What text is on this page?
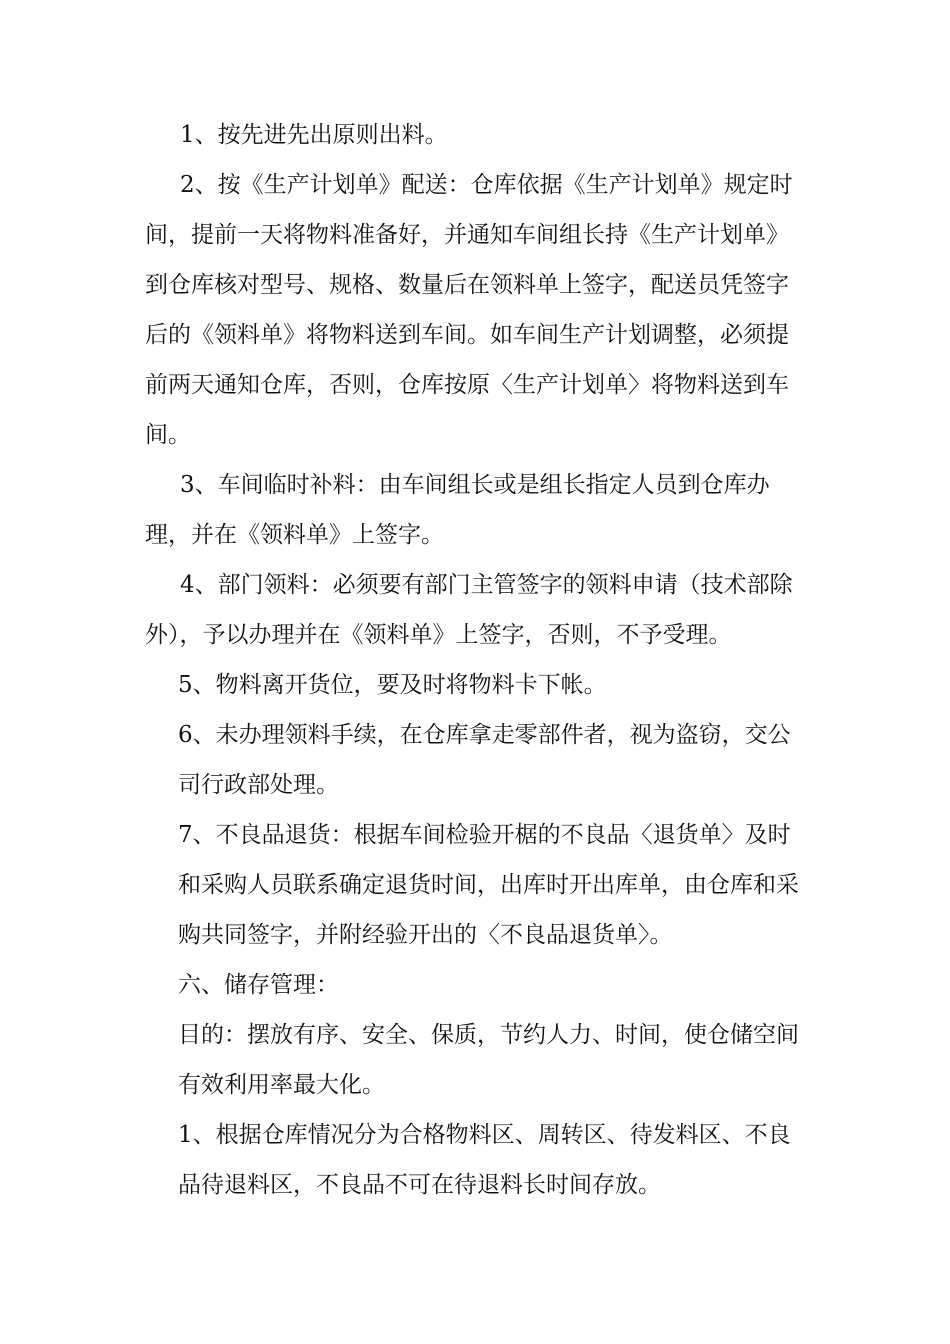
1、按先进先出原则出料。
2、按《生产计划单》配送：仓库依据《生产计划单》规定时间，提前一天将物料准备好，并通知车间组长持《生产计划单》到仓库核对型号、规格、数量后在领料单上签字，配送员凭签字后的《领料单》将物料送到车间。如车间生产计划调整，必须提前两天通知仓库，否则，仓库按原〈生产计划单〉将物料送到车间。
3、车间临时补料：由车间组长或是组长指定人员到仓库办理，并在《领料单》上签字。
4、部门领料：必须要有部门主管签字的领料申请（技术部除外），予以办理并在《领料单》上签字，否则，不予受理。
5、物料离开货位，要及时将物料卡下帐。
6、未办理领料手续，在仓库拿走零部件者，视为盗窃，交公司行政部处理。
7、不良品退货：根据车间检验开椐的不良品〈退货单〉及时和采购人员联系确定退货时间，出库时开出库单，由仓库和采购共同签字，并附经验开出的〈不良品退货单〉。
六、储存管理：
目的：摆放有序、安全、保质，节约人力、时间，使仓储空间有效利用率最大化。
1、根据仓库情况分为合格物料区、周转区、待发料区、不良品待退料区，不良品不可在待退料长时间存放。
